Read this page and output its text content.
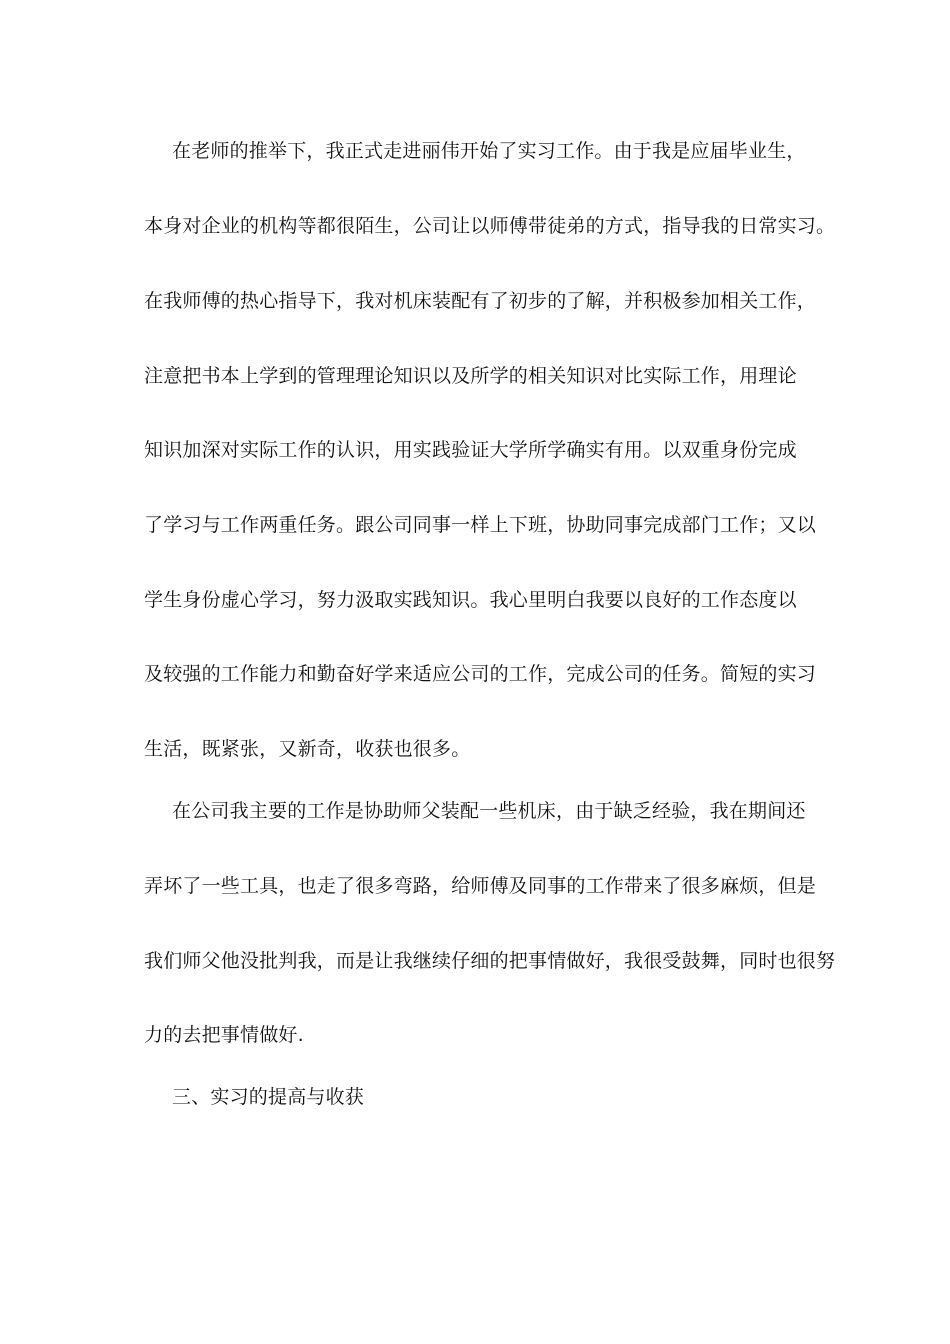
在老师的推举下，我正式走进丽伟开始了实习工作。由于我是应届毕业生，
本身对企业的机构等都很陌生，公司让以师傅带徒弟的方式，指导我的日常实习。
在我师傅的热心指导下，我对机床装配有了初步的了解，并积极参加相关工作，
注意把书本上学到的管理理论知识以及所学的相关知识对比实际工作，用理论
知识加深对实际工作的认识，用实践验证大学所学确实有用。以双重身份完成
了学习与工作两重任务。跟公司同事一样上下班，协助同事完成部门工作；又以
学生身份虚心学习，努力汲取实践知识。我心里明白我要以良好的工作态度以
及较强的工作能力和勤奋好学来适应公司的工作，完成公司的任务。简短的实习
生活，既紧张，又新奇，收获也很多。
在公司我主要的工作是协助师父装配一些机床，由于缺乏经验，我在期间还
弄坏了一些工具，也走了很多弯路，给师傅及同事的工作带来了很多麻烦，但是
我们师父他没批判我，而是让我继续仔细的把事情做好，我很受鼓舞，同时也很努
力的去把事情做好.
三、实习的提高与收获
